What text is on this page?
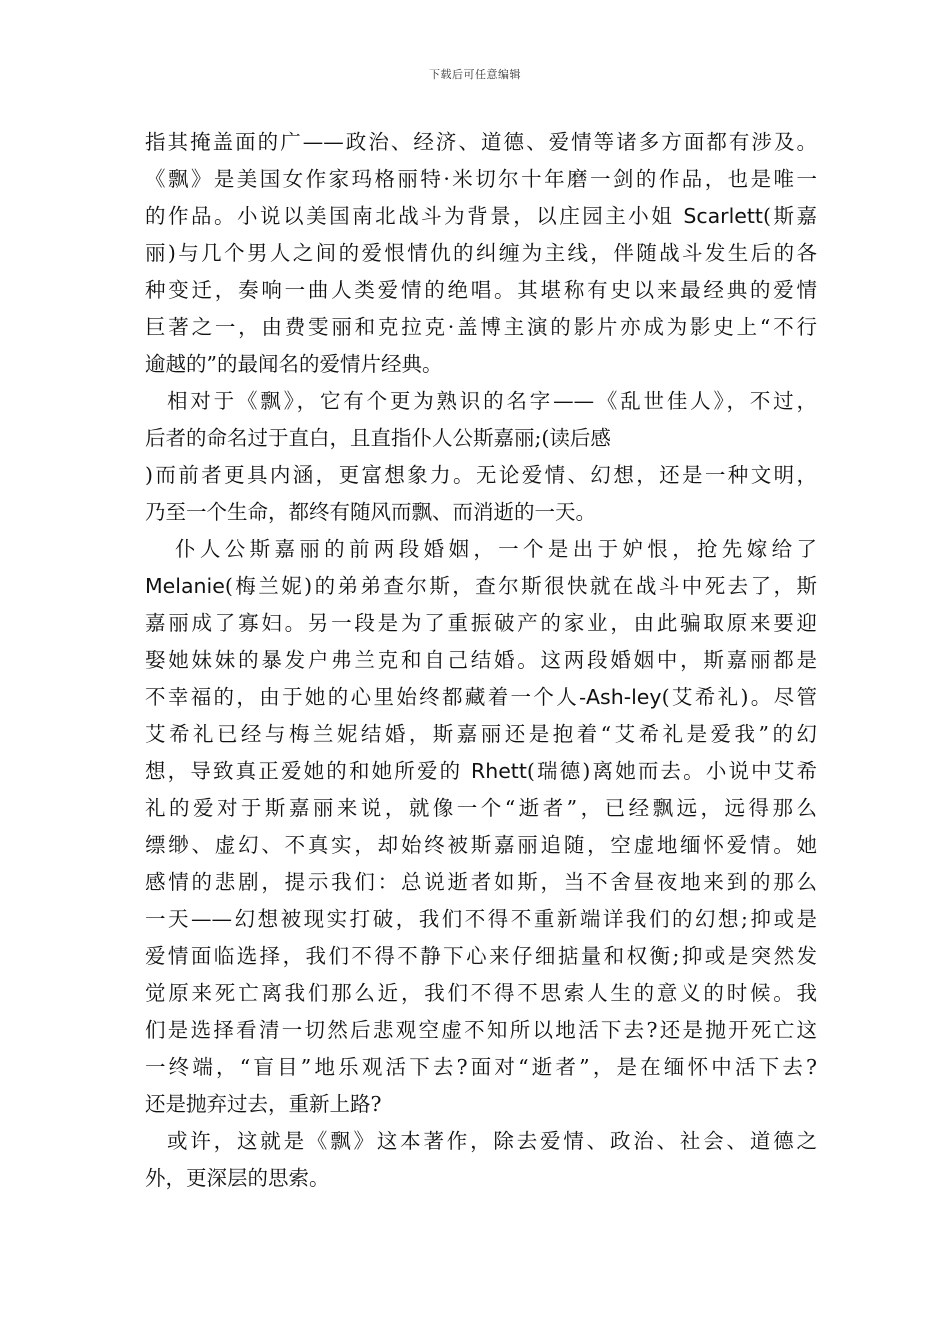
下载后可任意编辑
指其掩盖面的广——政治、经济、道德、爱情等诸多方面都有涉及。
《飘》是美国女作家玛格丽特·米切尔十年磨一剑的作品，也是唯一
的作品。小说以美国南北战斗为背景，以庄园主小姐 Scarlett(斯嘉
丽)与几个男人之间的爱恨情仇的纠缠为主线，伴随战斗发生后的各
种变迁，奏响一曲人类爱情的绝唱。其堪称有史以来最经典的爱情
巨著之一，由费雯丽和克拉克·盖博主演的影片亦成为影史上“不行
逾越的”的最闻名的爱情片经典。
相对于《飘》，它有个更为熟识的名字——《乱世佳人》，不过，
后者的命名过于直白，且直指仆人公斯嘉丽;(读后感
)而前者更具内涵，更富想象力。无论爱情、幻想，还是一种文明，
乃至一个生命，都终有随风而飘、而消逝的一天。
仆人公斯嘉丽的前两段婚姻，一个是出于妒恨，抢先嫁给了
Melanie(梅兰妮)的弟弟查尔斯，查尔斯很快就在战斗中死去了，斯
嘉丽成了寡妇。另一段是为了重振破产的家业，由此骗取原来要迎
娶她妹妹的暴发户弗兰克和自己结婚。这两段婚姻中，斯嘉丽都是
不幸福的，由于她的心里始终都藏着一个人-Ash-ley(艾希礼)。尽管
艾希礼已经与梅兰妮结婚，斯嘉丽还是抱着“艾希礼是爱我”的幻
想，导致真正爱她的和她所爱的 Rhett(瑞德)离她而去。小说中艾希
礼的爱对于斯嘉丽来说，就像一个“逝者”，已经飘远，远得那么
缥缈、虚幻、不真实，却始终被斯嘉丽追随，空虚地缅怀爱情。她
感情的悲剧，提示我们：总说逝者如斯，当不舍昼夜地来到的那么
一天——幻想被现实打破，我们不得不重新端详我们的幻想;抑或是
爱情面临选择，我们不得不静下心来仔细掂量和权衡;抑或是突然发
觉原来死亡离我们那么近，我们不得不思索人生的意义的时候。我
们是选择看清一切然后悲观空虚不知所以地活下去?还是抛开死亡这
一终端，“盲目”地乐观活下去?面对“逝者”，是在缅怀中活下去?
还是抛弃过去，重新上路?
或许，这就是《飘》这本著作，除去爱情、政治、社会、道德之
外，更深层的思索。
